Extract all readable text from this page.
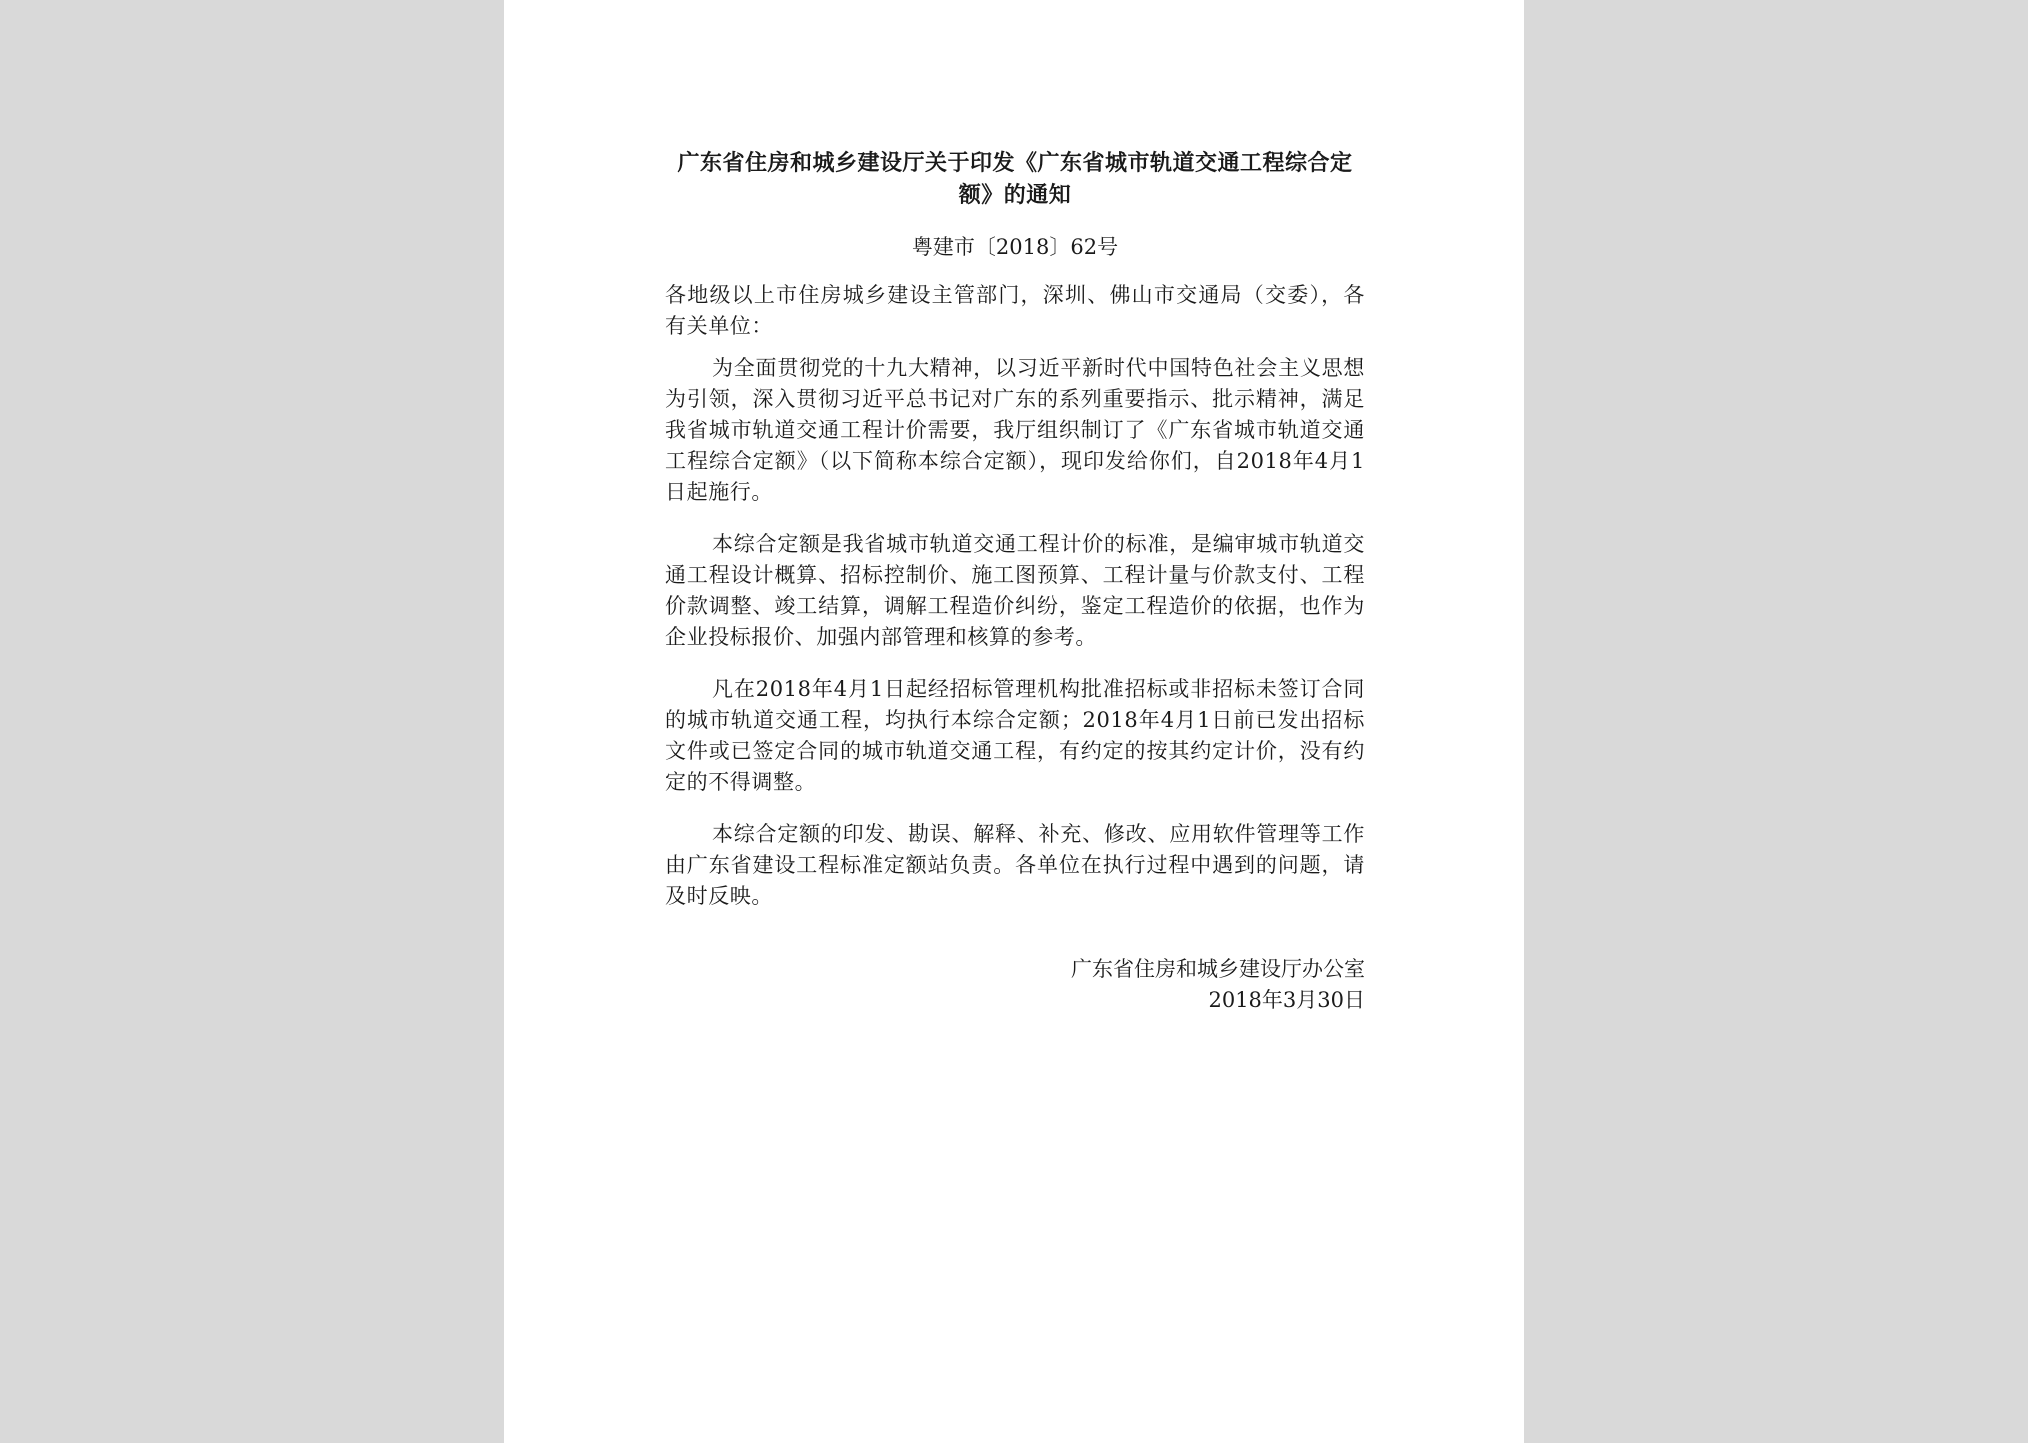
广东省住房和城乡建设厅关于印发《广东省城市轨道交通工程综合定额》的通知
粤建市〔2018〕62号
各地级以上市住房城乡建设主管部门，深圳、佛山市交通局（交委），各有关单位：

为全面贯彻党的十九大精神，以习近平新时代中国特色社会主义思想为引领，深入贯彻习近平总书记对广东的系列重要指示、批示精神，满足我省城市轨道交通工程计价需要，我厅组织制订了《广东省城市轨道交通工程综合定额》（以下简称本综合定额），现印发给你们，自2018年4月1日起施行。

本综合定额是我省城市轨道交通工程计价的标准，是编审城市轨道交通工程设计概算、招标控制价、施工图预算、工程计量与价款支付、工程价款调整、竣工结算，调解工程造价纠纷，鉴定工程造价的依据，也作为企业投标报价、加强内部管理和核算的参考。

凡在2018年4月1日起经招标管理机构批准招标或非招标未签订合同的城市轨道交通工程，均执行本综合定额；2018年4月1日前已发出招标文件或已签定合同的城市轨道交通工程，有约定的按其约定计价，没有约定的不得调整。

本综合定额的印发、勘误、解释、补充、修改、应用软件管理等工作由广东省建设工程标准定额站负责。各单位在执行过程中遇到的问题，请及时反映。

广东省住房和城乡建设厅办公室
2018年3月30日
